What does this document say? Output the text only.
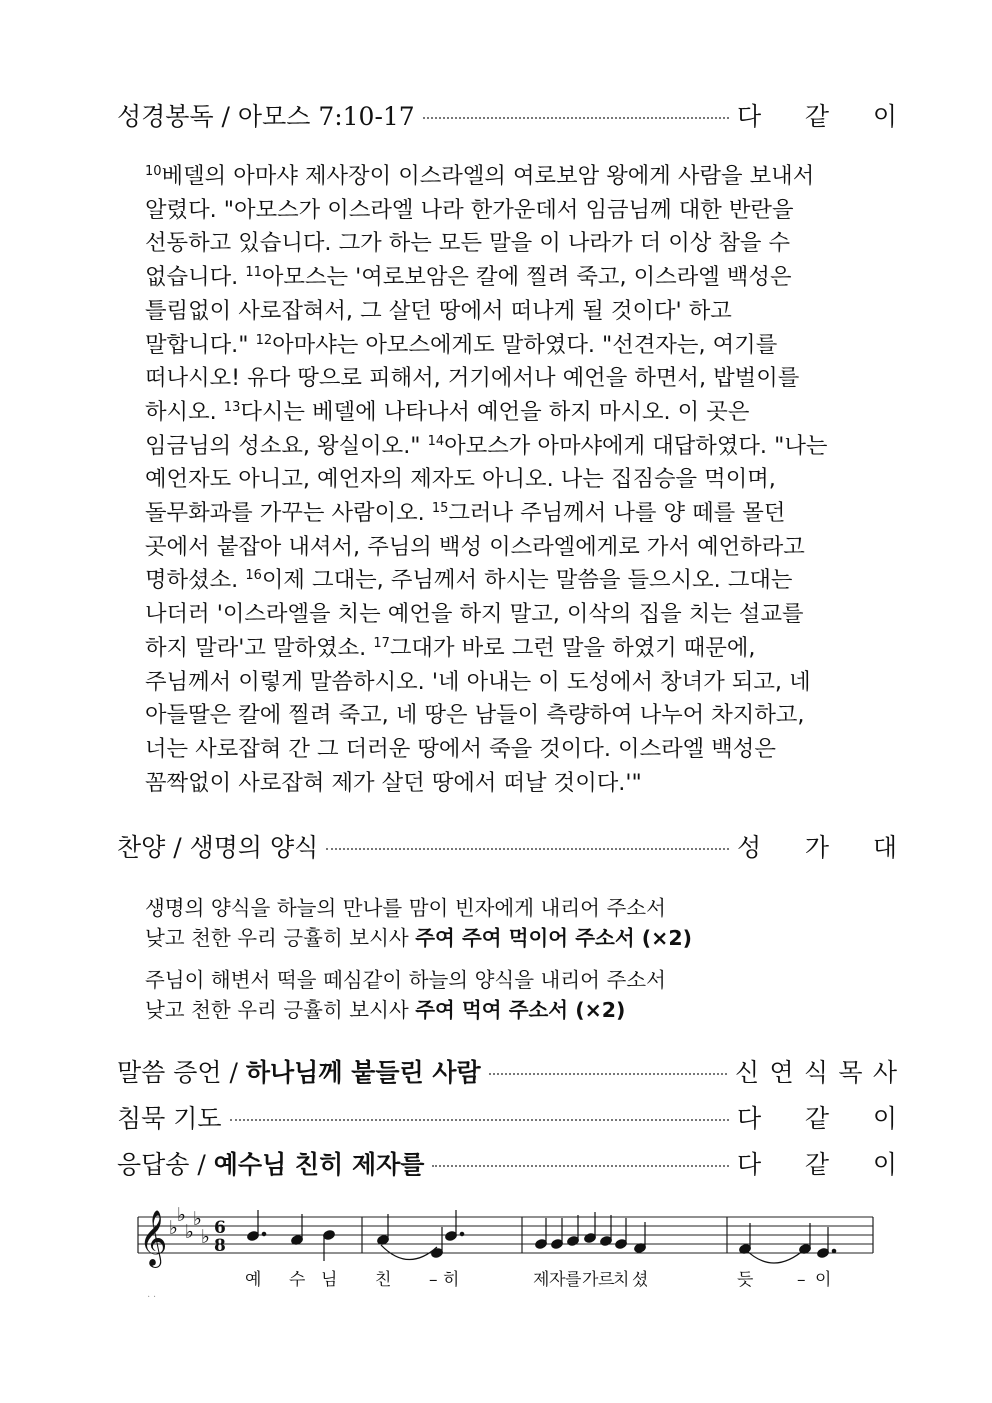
성경봉독 / 아모스 7:10-17	다 같 이
$^{10}$베델의 아마샤 제사장이 이스라엘의 여로보암 왕에게 사람을 보내서
알렸다. "아모스가 이스라엘 나라 한가운데서 임금님께 대한 반란을
선동하고 있습니다. 그가 하는 모든 말을 이 나라가 더 이상 참을 수
없습니다. $^{11}$아모스는 '여로보암은 칼에 찔려 죽고, 이스라엘 백성은
틀림없이 사로잡혀서, 그 살던 땅에서 떠나게 될 것이다' 하고
말합니다." $^{12}$아마샤는 아모스에게도 말하였다. "선견자는, 여기를
떠나시오! 유다 땅으로 피해서, 거기에서나 예언을 하면서, 밥벌이를
하시오. $^{13}$다시는 베델에 나타나서 예언을 하지 마시오. 이 곳은
임금님의 성소요, 왕실이오." $^{14}$아모스가 아마샤에게 대답하였다. "나는
예언자도 아니고, 예언자의 제자도 아니오. 나는 집짐승을 먹이며,
돌무화과를 가꾸는 사람이오. $^{15}$그러나 주님께서 나를 양 떼를 몰던
곳에서 붙잡아 내셔서, 주님의 백성 이스라엘에게로 가서 예언하라고
명하셨소. $^{16}$이제 그대는, 주님께서 하시는 말씀을 들으시오. 그대는
나더러 '이스라엘을 치는 예언을 하지 말고, 이삭의 집을 치는 설교를
하지 말라'고 말하였소. $^{17}$그대가 바로 그런 말을 하였기 때문에,
주님께서 이렇게 말씀하시오. '네 아내는 이 도성에서 창녀가 되고, 네
아들딸은 칼에 찔려 죽고, 네 땅은 남들이 측량하여 나누어 차지하고,
너는 사로잡혀 간 그 더러운 땅에서 죽을 것이다. 이스라엘 백성은
꼼짝없이 사로잡혀 제가 살던 땅에서 떠날 것이다.'"
찬양 / 생명의 양식	성 가 대
생명의 양식을 하늘의 만나를 맘이 빈자에게 내리어 주소서
낮고 천한 우리 긍휼히 보시사 주여 주여 먹이어 주소서 (×2)
주님이 해변서 떡을 떼심같이 하늘의 양식을 내리어 주소서
낮고 천한 우리 긍휼히 보시사 주여 먹여 주소서 (×2)
말씀 증언 / 하나님께 붙들린 사람	신 연 식 목 사
침묵 기도	다 같 이
응답송 / 예수님 친히 제자를	다 같 이
𝄞 ♭
♭
♭
♭
♭ 6
8
예 수 님 친 – 히	제 자 를 가 르
치 셨	듯	– 이
· ·
